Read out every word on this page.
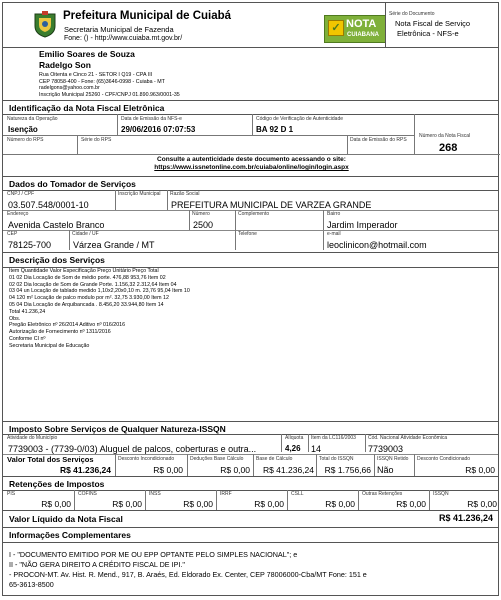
Prefeitura Municipal de Cuiabá
Secretaria Municipal de Fazenda
Fone: () - http://www.cuiaba.mt.gov.br/
✓ NOTA
CUIABANA
Série do Documento
Nota Fiscal de Serviço
Eletrônica - NFS-e
Emilio Soares de Souza
Radelgo Son
Rua Oitenta e Cinco 21 - SETOR I Q19 - CPA III
CEP 78058-400 - Fone: (65)3646-0998 - Cuiaba - MT
radelgons@yahoo.com.br
Inscrição Municipal 25260 - CPF/CNPJ 01.890.963/0001-35
Identificação da Nota Fiscal Eletrônica
Natureza da Operação
Isenção
Data de Emissão da NFS-e
29/06/2016 07:07:53
Código de Verificação de Autenticidade
BA 92 D 1
Número da Nota Fiscal
268
Número do RPS	Série do RPS	Data de Emissão do RPS
Consulte a autenticidade deste documento acessando o site:
https://www.issnetonline.com.br/cuiaba/online/login/login.aspx
Dados do Tomador de Serviços
CNPJ / CPF
03.507.548/0001-10
Inscrição Municipal Razão Social
PREFEITURA MUNICIPAL DE VARZEA GRANDE
Endereço
Avenida Castelo Branco
Número
2500
Complemento	Bairro
Jardim Imperador
CEP
78125-700
Cidade / UF
Várzea Grande / MT
Telefone	e-mail
leoclinicon@hotmail.com
Descrição dos Serviços
Item Quantidade Valor Especificação Preço Unitário Preço Total
01 02 Dia Locação de Som de médio porte. 476,88 953,76 Item 02
02 02 Dia locação de Som de Grande Porte. 1.156,32 2.312,64 Item 04
03 04 un Locação de tablado medido 1,10x2,20x0,10 m. 23,76 95,04 Item 10
04 120 m² Locação de palco modulo por m². 32,75 3.930,00 Item 12
05 04 Dia Locação de Arquibancada . 8.456,20 33.944,80 Item 14
Total 41.236,24
Obs.
Pregão Eletrônico nº 26/2014 Aditivo nº 016/2016
Autorização de Fornecimento nº 1311/2016
Conforme CI nº
Secretaria Municipal de Educação
Imposto Sobre Serviços de Qualquer Natureza-ISSQN
Atividade do Município
7739003 - (7739-0/03) Aluguel de palcos, coberturas e outra...
Alíquota
4,26
Item da LC116/2003
14
Cód. Nacional Atividade Econômica
7739003
Valor Total dos Serviços
R$ 41.236,24
Desconto Incondicionado
R$ 0,00
Deduções Base Cálculo
R$ 0,00
Base de Cálculo
R$ 41.236,24
Total do ISSQN
R$ 1.756,66
ISSQN Retido
Não
Desconto Condicionado
R$ 0,00
Retenções de Impostos
PIS
R$ 0,00
COFINS
R$ 0,00
INSS
R$ 0,00
IRRF
R$ 0,00
CSLL
R$ 0,00
Outras Retenções
R$ 0,00
ISSQN
R$ 0,00
Valor Líquido da Nota Fiscal	R$ 41.236,24
Informações Complementares
I - "DOCUMENTO EMITIDO POR ME OU EPP OPTANTE PELO SIMPLES NACIONAL"; e
II - "NÃO GERA DIREITO A CRÉDITO FISCAL DE IPI."
- PROCON-MT. Av. Hist. R. Mend., 917, B. Araés, Ed. Eldorado Ex. Center, CEP 78006000-Cba/MT Fone: 151 e
65-3613-8500
